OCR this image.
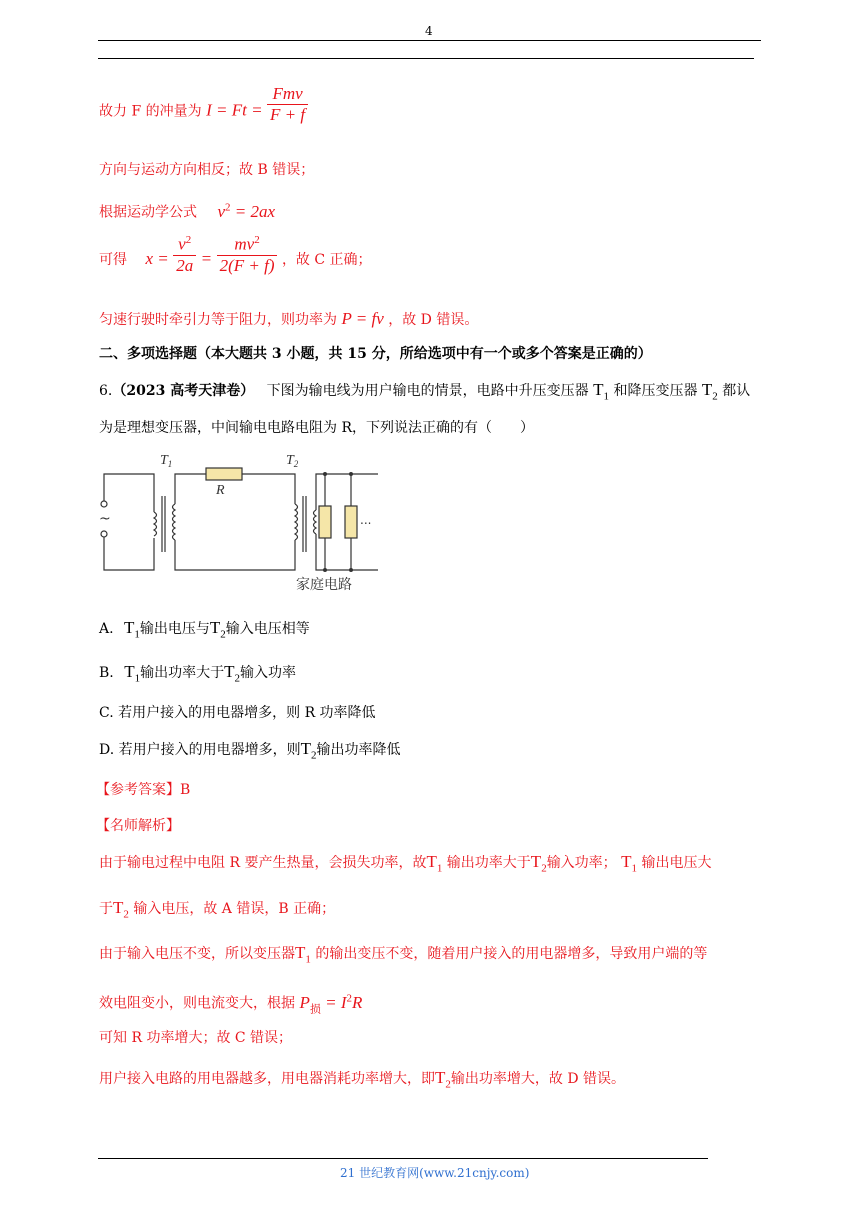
4
故力 F 的冲量为 $I = Ft = \frac{\text{Fmv}}{F + f}$
方向与运动方向相反；故 B 错误；
根据运动学公式 $v^2 = 2ax$
可得 $x = \frac{v^2}{2a} = \frac{mv^2}{2(F + f)}$ ，故 C 正确；
匀速行驶时牵引力等于阻力，则功率为 P = fv ，故 D 错误。
二、多项选择题（本大题共 3 小题，共 15 分，所给选项中有一个或多个答案是正确的）
6.（2023 高考天津卷） 下图为输电线为用户输电的情景，电路中升压变压器 $T_1$ 和降压变压器 $T_2$ 都认
为是理想变压器，中间输电电路电阻为 R，下列说法正确的有（　　）
$T_1$
R
$T_2$
~	...
家庭电路
A. $T_1$输出电压与$T_2$输入电压相等
B. $T_1$输出功率大于$T_2$输入功率
C. 若用户接入的用电器增多，则 R 功率降低
D. 若用户接入的用电器增多，则$T_2$输出功率降低
【参考答案】B
【名师解析】
由于输电过程中电阻 R 要产生热量，会损失功率，故$T_1$ 输出功率大于$T_2$输入功率； $T_1$ 输出电压大
于$T_2$ 输入电压，故 A 错误，B 正确；
由于输入电压不变，所以变压器$T_1$ 的输出变压不变，随着用户接入的用电器增多，导致用户端的等
效电阻变小，则电流变大，根据 $P_损 = I^2R$
可知 R 功率增大；故 C 错误；
用户接入电路的用电器越多，用电器消耗功率增大，即$T_2$输出功率增大，故 D 错误。
21 世纪教育网(www.21cnjy.com)
